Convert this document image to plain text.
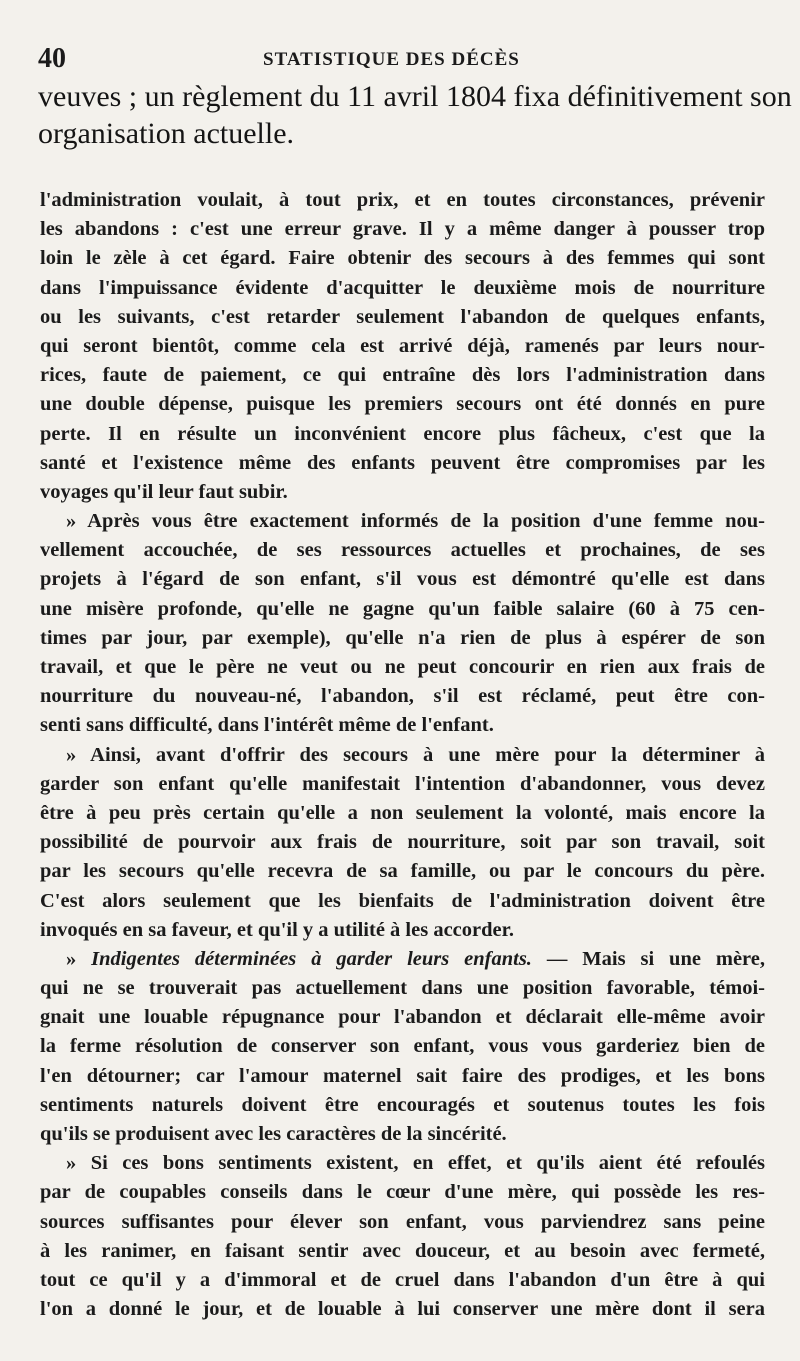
40	STATISTIQUE DES DÉCÈS

veuves ; un règlement du 11 avril 1804 fixa définitivement son

organisation actuelle.

l'administration voulait, à tout prix, et en toutes circonstances, prévenir
les abandons : c'est une erreur grave. Il y a même danger à pousser trop
loin le zèle à cet égard. Faire obtenir des secours à des femmes qui sont
dans l'impuissance évidente d'acquitter le deuxième mois de nourriture
ou les suivants, c'est retarder seulement l'abandon de quelques enfants,
qui seront bientôt, comme cela est arrivé déjà, ramenés par leurs nour-
rices, faute de paiement, ce qui entraîne dès lors l'administration dans
une double dépense, puisque les premiers secours ont été donnés en pure
perte. Il en résulte un inconvénient encore plus fâcheux, c'est que la
santé et l'existence même des enfants peuvent être compromises par les
voyages qu'il leur faut subir.
» Après vous être exactement informés de la position d'une femme nou-
vellement accouchée, de ses ressources actuelles et prochaines, de ses
projets à l'égard de son enfant, s'il vous est démontré qu'elle est dans
une misère profonde, qu'elle ne gagne qu'un faible salaire (60 à 75 cen-
times par jour, par exemple), qu'elle n'a rien de plus à espérer de son
travail, et que le père ne veut ou ne peut concourir en rien aux frais de
nourriture du nouveau-né, l'abandon, s'il est réclamé, peut être con-
senti sans difficulté, dans l'intérêt même de l'enfant.
» Ainsi, avant d'offrir des secours à une mère pour la déterminer à
garder son enfant qu'elle manifestait l'intention d'abandonner, vous devez
être à peu près certain qu'elle a non seulement la volonté, mais encore la
possibilité de pourvoir aux frais de nourriture, soit par son travail, soit
par les secours qu'elle recevra de sa famille, ou par le concours du père.
C'est alors seulement que les bienfaits de l'administration doivent être
invoqués en sa faveur, et qu'il y a utilité à les accorder.
» Indigentes déterminées à garder leurs enfants. — Mais si une mère,
qui ne se trouverait pas actuellement dans une position favorable, témoi-
gnait une louable répugnance pour l'abandon et déclarait elle-même avoir
la ferme résolution de conserver son enfant, vous vous garderiez bien de
l'en détourner; car l'amour maternel sait faire des prodiges, et les bons
sentiments naturels doivent être encouragés et soutenus toutes les fois
qu'ils se produisent avec les caractères de la sincérité.
» Si ces bons sentiments existent, en effet, et qu'ils aient été refoulés
par de coupables conseils dans le cœur d'une mère, qui possède les res-
sources suffisantes pour élever son enfant, vous parviendrez sans peine
à les ranimer, en faisant sentir avec douceur, et au besoin avec fermeté,
tout ce qu'il y a d'immoral et de cruel dans l'abandon d'un être à qui
l'on a donné le jour, et de louable à lui conserver une mère dont il sera
